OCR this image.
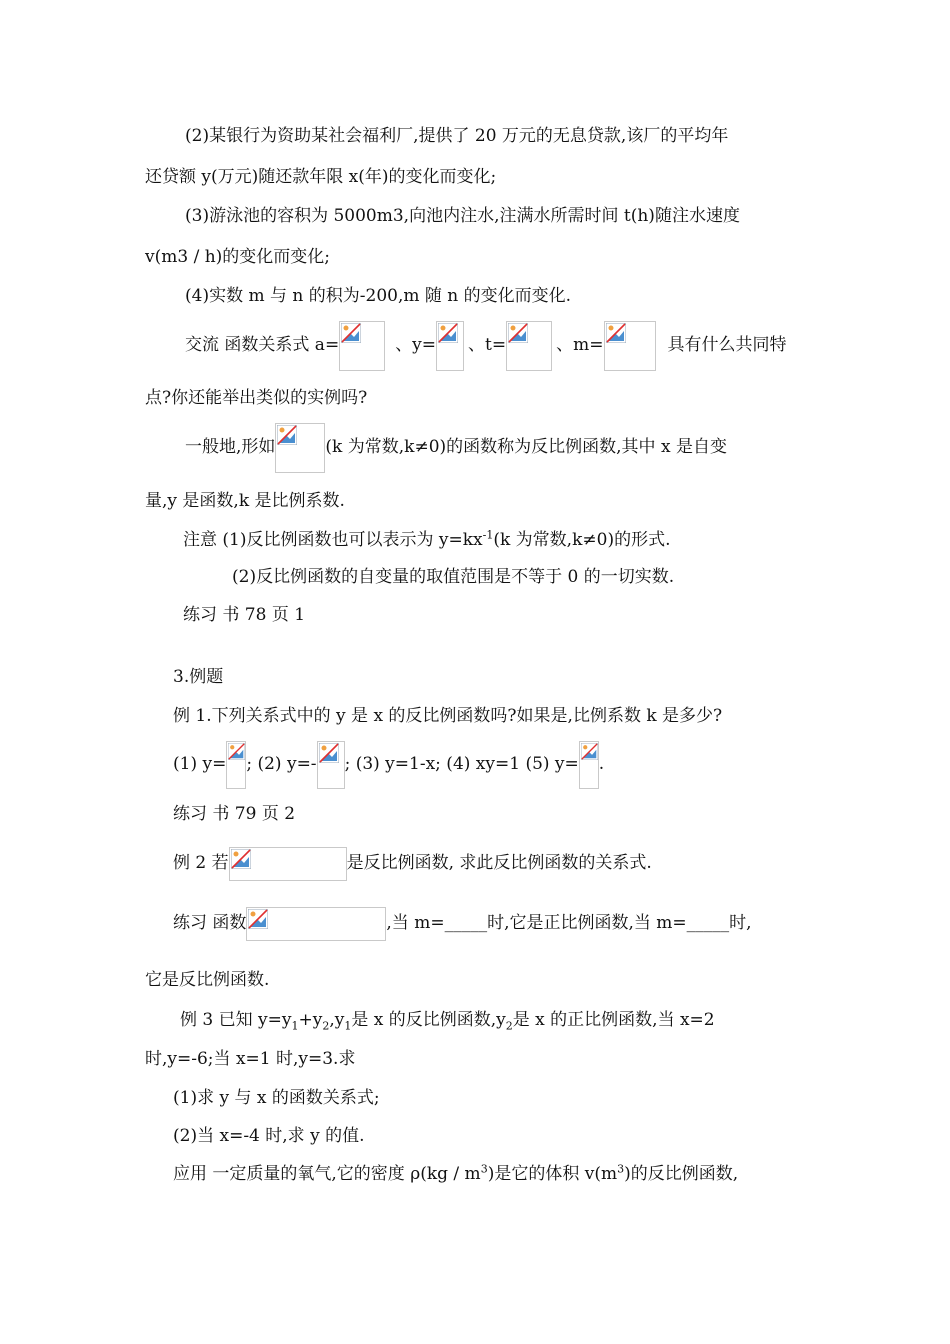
(2)某银行为资助某社会福利厂,提供了 20 万元的无息贷款,该厂的平均年
还贷额 y(万元)随还款年限 x(年)的变化而变化;
(3)游泳池的容积为 5000m3,向池内注水,注满水所需时间 t(h)随注水速度
v(m3 / h)的变化而变化;
(4)实数 m 与 n 的积为-200,m 随 n 的变化而变化.
交流 函数关系式 a=	、y= 、t=	、m=	具有什么共同特
点?你还能举出类似的实例吗?
一般地,形如	(k 为常数,k≠0)的函数称为反比例函数,其中 x 是自变
量,y 是函数,k 是比例系数.
注意 (1)反比例函数也可以表示为 $y=kx^{-1}(k$ 为常数,k≠0)的形式.
(2)反比例函数的自变量的取值范围是不等于 0 的一切实数.
练习 书 78 页 1
3.例题
例 1.下列关系式中的 y 是 x 的反比例函数吗?如果是,比例系数 k 是多少?
(1) y= ; (2) y=- ; (3) y=1-x; (4) xy=1 (5) y= .
练习 书 79 页 2
例 2 若	是反比例函数, 求此反比例函数的关系式.
练习 函数	,当 m=_____时,它是正比例函数,当 m=_____时,
它是反比例函数.
例 3 已知 $y=y_1+y_2,y_1$是 x 的反比例函数$,y_2$是 x 的正比例函数,当 x=2
时,y=-6;当 x=1 时,y=3.求
(1)求 y 与 x 的函数关系式;
(2)当 x=-4 时,求 y 的值.
应用 一定质量的氧气,它的密度 $\rho(kg / m^3)$是它的体积 $v(m^3)$的反比例函数,
